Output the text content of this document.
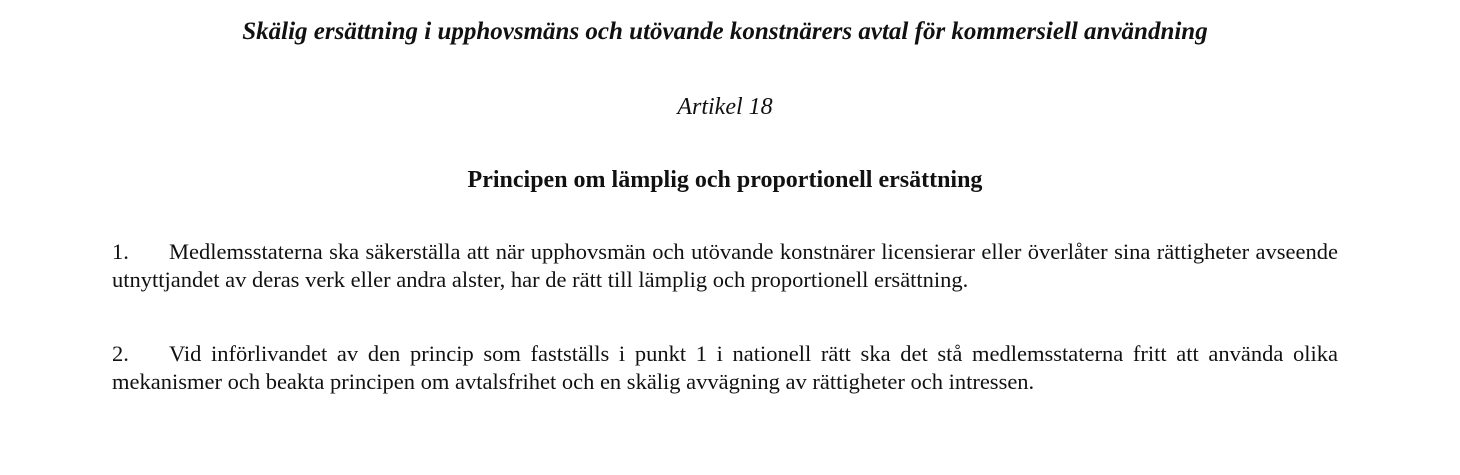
Skälig ersättning i upphovsmäns och utövande konstnärers avtal för kommersiell användning
Artikel 18
Principen om lämplig och proportionell ersättning

1. Medlemsstaterna ska säkerställa att när upphovsmän och utövande konstnärer licensierar eller överlåter sina rättigheter avseende utnyttjandet av deras verk eller andra alster, har de rätt till lämplig och proportionell ersättning.

2. Vid införlivandet av den princip som fastställs i punkt 1 i nationell rätt ska det stå medlemsstaterna fritt att använda olika mekanismer och beakta principen om avtalsfrihet och en skälig avvägning av rättigheter och intressen.
